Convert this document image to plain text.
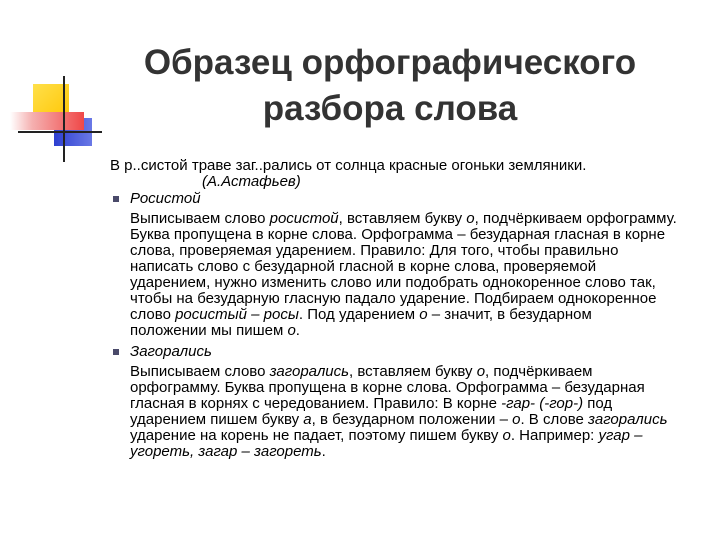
Образец орфографического
разбора слова
В р..систой траве заг..рались от солнца красные огоньки земляники.
(А.Астафьев)
Росистой
Выписываем слово росистой, вставляем букву о, подчёркиваем орфограмму.
Буква пропущена в корне слова. Орфограмма – безударная гласная в корне
слова, проверяемая ударением. Правило: Для того, чтобы правильно
написать слово с безударной гласной в корне слова, проверяемой
ударением, нужно изменить слово или подобрать однокоренное слово так,
чтобы на безударную гласную падало ударение. Подбираем однокоренное
слово росистый – росы. Под ударением о – значит, в безударном
положении мы пишем о.
Загорались
Выписываем слово загорались, вставляем букву о, подчёркиваем
орфограмму. Буква пропущена в корне слова. Орфограмма – безударная
гласная в корнях с чередованием. Правило: В корне -гар- (-гор-) под
ударением пишем букву а, в безударном положении – о. В слове загорались
ударение на корень не падает, поэтому пишем букву о. Например: угар –
угореть, загар – загореть.
